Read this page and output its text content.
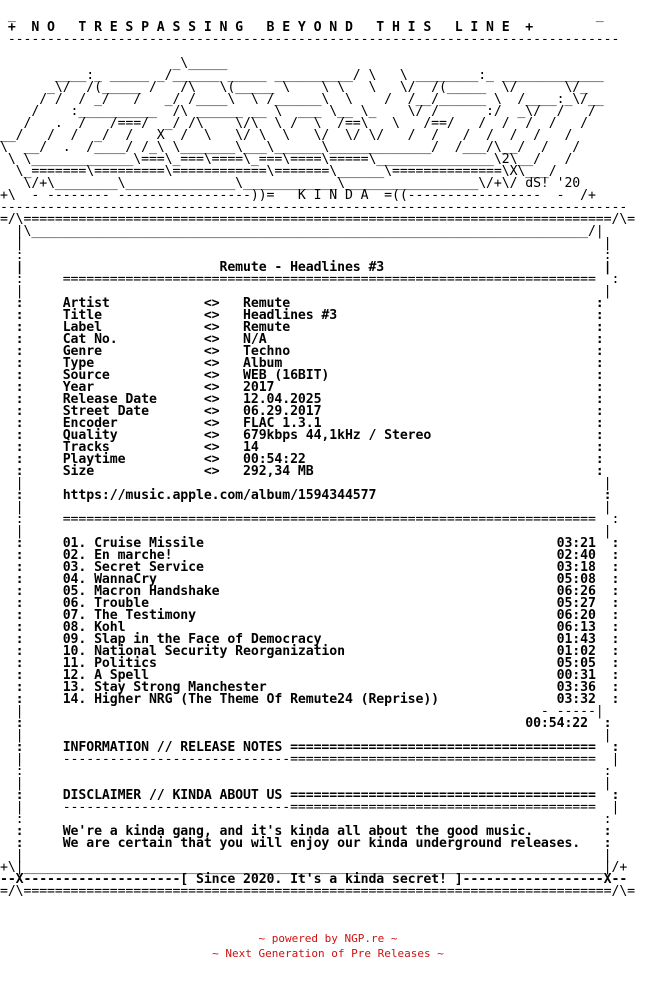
_                                                                          _
+  N O   T R E S P A S S I N G   B E Y O N D   T H I S   L I N E  +
------------------------------------------------------------------------------

_\_____
____:_ _____ _/______ _____ __________/ \   \ ________:_ _____________
_\/  /(_____ /   /\   \(_____ \    \ \   \   \/  /(_____  \/      \/_
/ /  / _/   /   _/ /____\  \ /______\  \    /  /__/______ \  /____:_\/__
/    :__________  /\ ______ __ \  ___ \__ \_    \/ /      :/  _\/  /   /
/   .  /   /===/  _/ /\    \/\  \ /  \  /==\   \   /==/   /  /  /  /   /
__/   /  /  _/  /   X  /  \   \/ \  \   \/  \/ \/   /  /   /  /  /  /   /
\  __/  .  /____/ /_\ \_______\___\______\_____________/  /___/\__/  /   /
\ \_____________\===\_===\====\_===\====\=====\_______________\2\__/   /
\_=======\=========\============\=======\______\==============\X\___/
\/+\________\______________\____________\_________________\/+\/ dS! '20
+\  - -------- -----------------))=   K I N D A  =((-----------------  -  /+
--------------------------------------------------------------------------------
=/\===========================================================================/\=
|\_______________________________________________________________________/|
|                                                                          |
:                                                                          :
|                         Remute - Headlines #3                            |
:     ====================================================================  :
|                                                                          |
:     Artist            <>   Remute                                       :
:     Title             <>   Headlines #3                                 :
:     Label             <>   Remute                                       :
:     Cat No.           <>   N/A                                          :
:     Genre             <>   Techno                                       :
:     Type              <>   Album                                        :
:     Source            <>   WEB (16BIT)                                  :
:     Year              <>   2017                                         :
:     Release Date      <>   12.04.2025                                   :
:     Street Date       <>   06.29.2017                                   :
:     Encoder           <>   FLAC 1.3.1                                   :
:     Quality           <>   679kbps 44,1kHz / Stereo                     :
:     Tracks            <>   14                                           :
:     Playtime          <>   00:54:22                                     :
:     Size              <>   292,34 MB                                    :
|                                                                          |
:     https://music.apple.com/album/1594344577                             :
|                                                                          |
:     ====================================================================  :
|                                                                          |
:     01. Cruise Missile                                             03:21  :
:     02. En marche!                                                 02:40  :
:     03. Secret Service                                             03:18  :
:     04. WannaCry                                                   05:08  :
:     05. Macron Handshake                                           06:26  :
:     06. Trouble                                                    05:27  :
:     07. The Testimony                                              06:20  :
:     08. Kohl                                                       06:13  :
:     09. Slap in the Face of Democracy                              01:43  :
:     10. National Security Reorganization                           01:02  :
:     11. Politics                                                   05:05  :
:     12. A Spell                                                    00:31  :
:     13. Stay Strong Manchester                                     03:36  :
:     14. Higher NRG (The Theme Of Remute24 (Reprise))               03:32  :
|                                                                  - -----|
:                                                                00:54:22  :
|                                                                          |
:     INFORMATION // RELEASE NOTES =======================================  :
|     -----------------------------=======================================  |
:                                                                          :
|                                                                          |
:     DISCLAIMER // KINDA ABOUT US =======================================  :
|     -----------------------------=======================================  |
:                                                                          :
:     We're a kinda gang, and it's kinda all about the good music.         :
:     We are certain that you will enjoy our kinda underground releases.   :
|                                                                          |
+\|__________________________________________________________________________|/+
--X--------------------[ Since 2020. It's a kinda secret! ]------------------X--
=/\===========================================================================/\=

~ powered by NGP.re ~
~ Next Generation of Pre Releases ~
